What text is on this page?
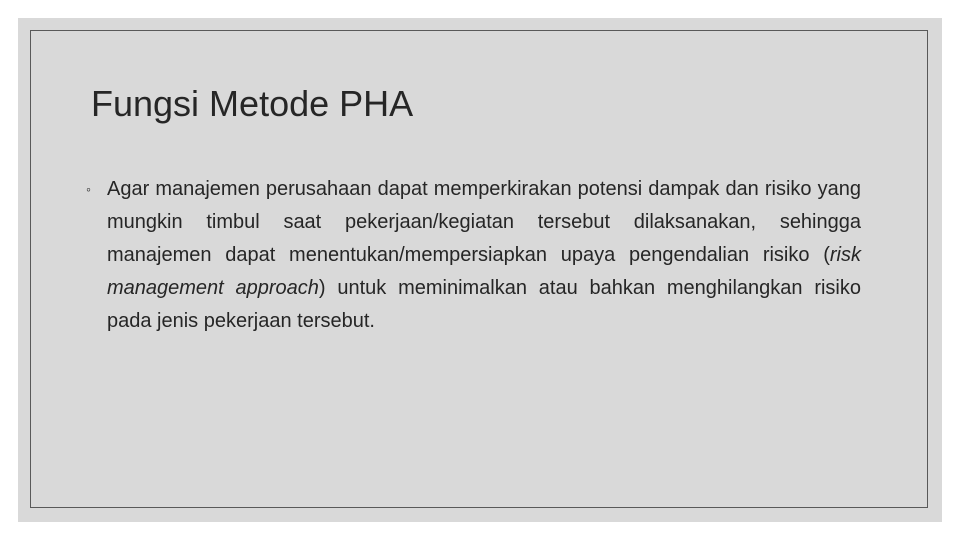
Fungsi Metode PHA
◦ Agar manajemen perusahaan dapat memperkirakan potensi dampak dan risiko yang mungkin timbul saat pekerjaan/kegiatan tersebut dilaksanakan, sehingga manajemen dapat menentukan/mempersiapkan upaya pengendalian risiko (risk management approach) untuk meminimalkan atau bahkan menghilangkan risiko pada jenis pekerjaan tersebut.
